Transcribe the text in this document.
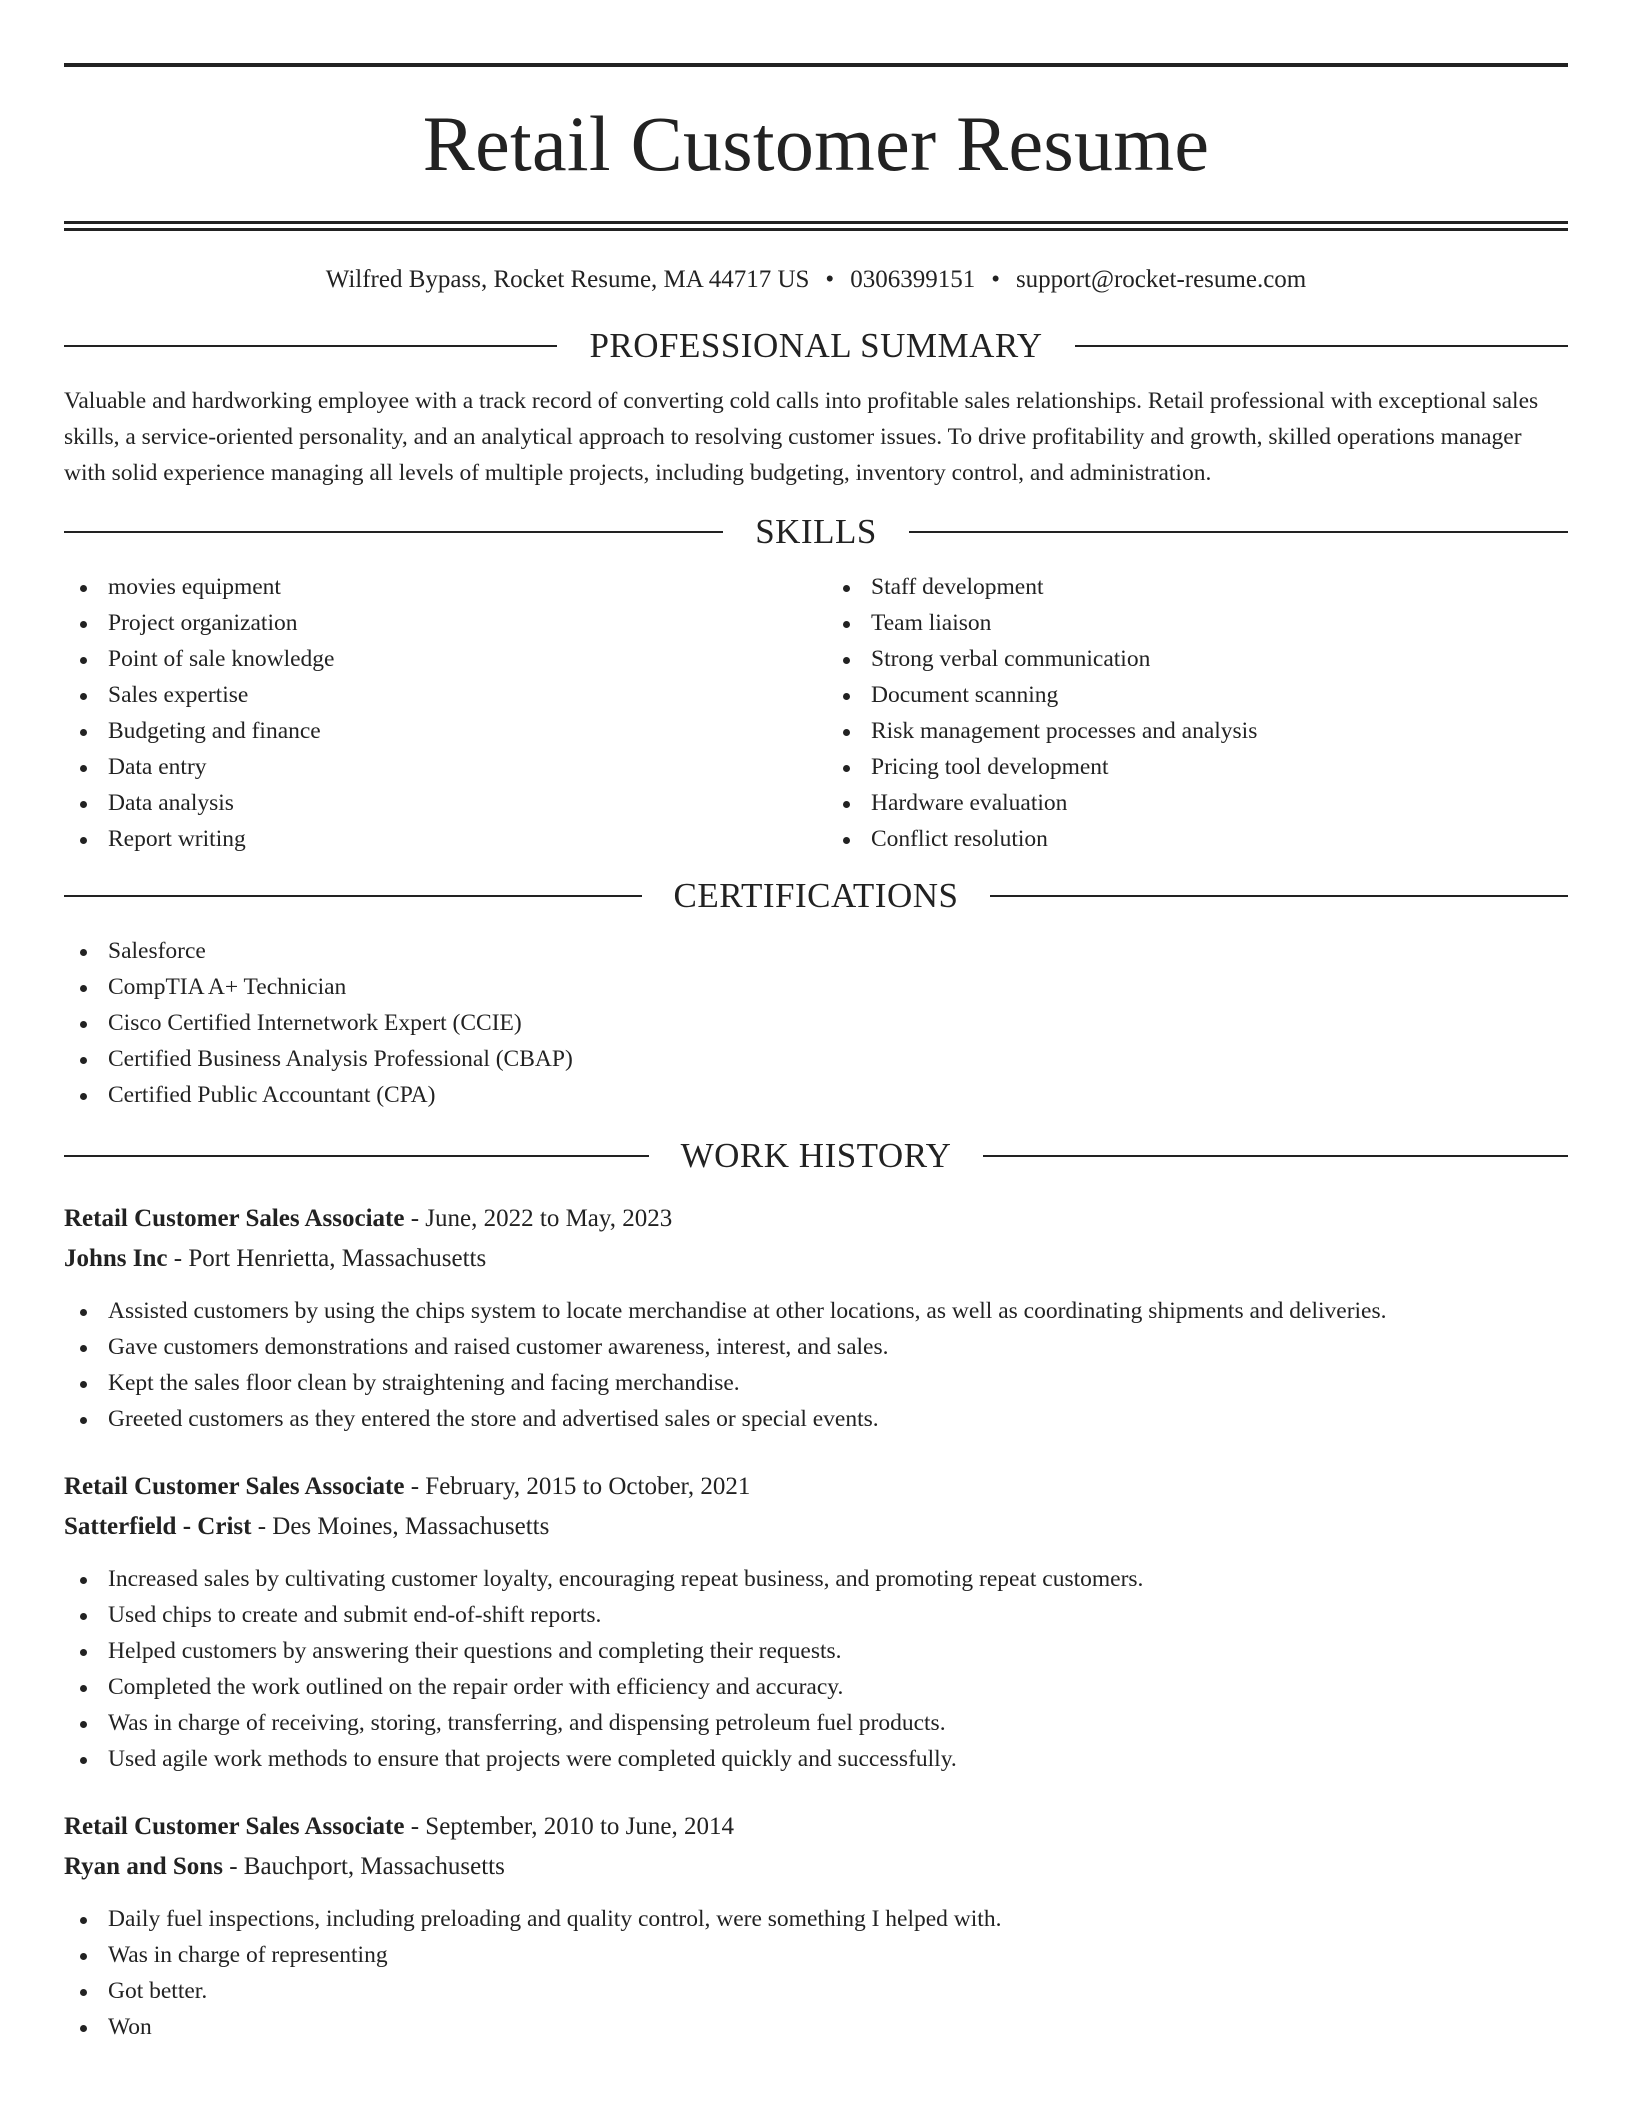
Retail Customer Resume
Wilfred Bypass, Rocket Resume, MA 44717 US • 0306399151 • support@rocket-resume.com
PROFESSIONAL SUMMARY

Valuable and hardworking employee with a track record of converting cold calls into profitable sales relationships. Retail professional with exceptional sales skills, a service-oriented personality, and an analytical approach to resolving customer issues. To drive profitability and growth, skilled operations manager with solid experience managing all levels of multiple projects, including budgeting, inventory control, and administration.

SKILLS
movies equipment
Project organization
Point of sale knowledge
Sales expertise
Budgeting and finance
Data entry
Data analysis
Report writing
Staff development
Team liaison
Strong verbal communication
Document scanning
Risk management processes and analysis
Pricing tool development
Hardware evaluation
Conflict resolution
CERTIFICATIONS
Salesforce
CompTIA A+ Technician
Cisco Certified Internetwork Expert (CCIE)
Certified Business Analysis Professional (CBAP)
Certified Public Accountant (CPA)
WORK HISTORY
Retail Customer Sales Associate - June, 2022 to May, 2023
Johns Inc - Port Henrietta, Massachusetts
Assisted customers by using the chips system to locate merchandise at other locations, as well as coordinating shipments and deliveries.
Gave customers demonstrations and raised customer awareness, interest, and sales.
Kept the sales floor clean by straightening and facing merchandise.
Greeted customers as they entered the store and advertised sales or special events.
Retail Customer Sales Associate - February, 2015 to October, 2021
Satterfield - Crist - Des Moines, Massachusetts
Increased sales by cultivating customer loyalty, encouraging repeat business, and promoting repeat customers.
Used chips to create and submit end-of-shift reports.
Helped customers by answering their questions and completing their requests.
Completed the work outlined on the repair order with efficiency and accuracy.
Was in charge of receiving, storing, transferring, and dispensing petroleum fuel products.
Used agile work methods to ensure that projects were completed quickly and successfully.
Retail Customer Sales Associate - September, 2010 to June, 2014
Ryan and Sons - Bauchport, Massachusetts
Daily fuel inspections, including preloading and quality control, were something I helped with.
Was in charge of representing
Got better.
Won
